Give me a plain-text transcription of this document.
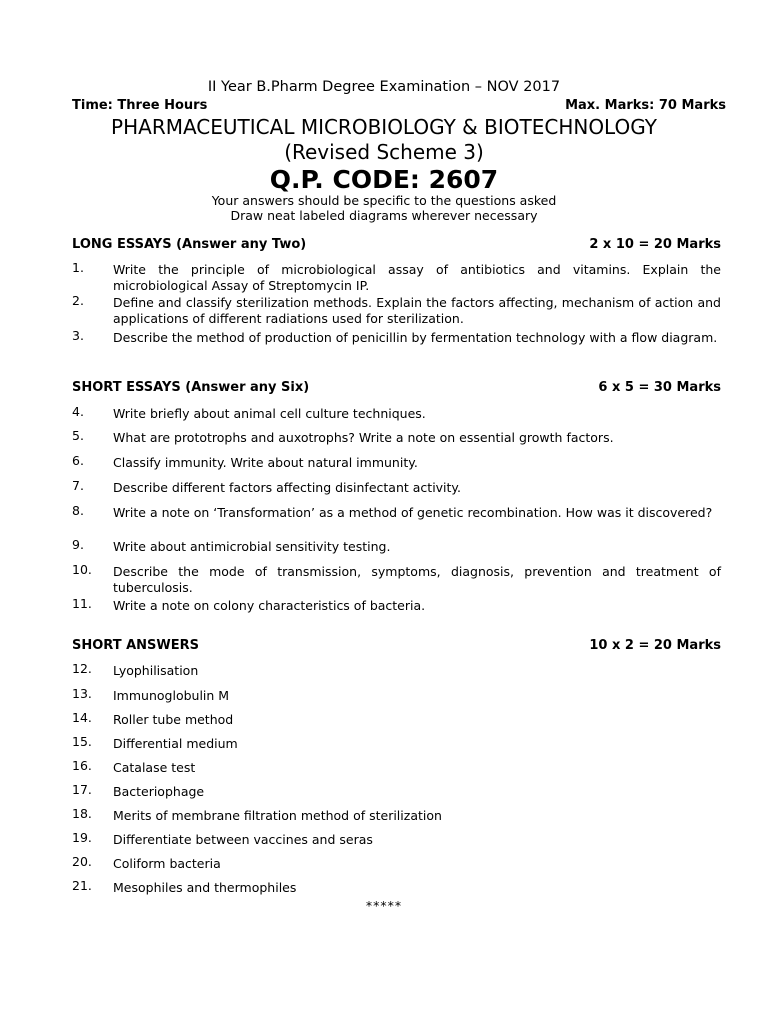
II Year B.Pharm Degree Examination – NOV 2017
Time: Three Hours	Max. Marks: 70 Marks
PHARMACEUTICAL MICROBIOLOGY & BIOTECHNOLOGY
(Revised Scheme 3)
Q.P. CODE: 2607
Your answers should be specific to the questions asked
Draw neat labeled diagrams wherever necessary
LONG ESSAYS (Answer any Two)	2 x 10 = 20 Marks
1.	Write the principle of microbiological assay of antibiotics and vitamins. Explain the microbiological Assay of Streptomycin IP.
2.	Define and classify sterilization methods. Explain the factors affecting, mechanism of action and applications of different radiations used for sterilization.
3.	Describe the method of production of penicillin by fermentation technology with a flow diagram.
SHORT ESSAYS (Answer any Six)	6 x 5 = 30 Marks
4.	Write briefly about animal cell culture techniques.
5.	What are prototrophs and auxotrophs? Write a note on essential growth factors.
6.	Classify immunity. Write about natural immunity.
7.	Describe different factors affecting disinfectant activity.
8.	Write a note on ‘Transformation’ as a method of genetic recombination. How was it discovered?
9.	Write about antimicrobial sensitivity testing.
10.	Describe the mode of transmission, symptoms, diagnosis, prevention and treatment of tuberculosis.
11.	Write a note on colony characteristics of bacteria.
SHORT ANSWERS	10 x 2 = 20 Marks
12.	Lyophilisation
13.	Immunoglobulin M
14.	Roller tube method
15.	Differential medium
16.	Catalase test
17.	Bacteriophage
18.	Merits of membrane filtration method of sterilization
19.	Differentiate between vaccines and seras
20.	Coliform bacteria
21.	Mesophiles and thermophiles
*****
